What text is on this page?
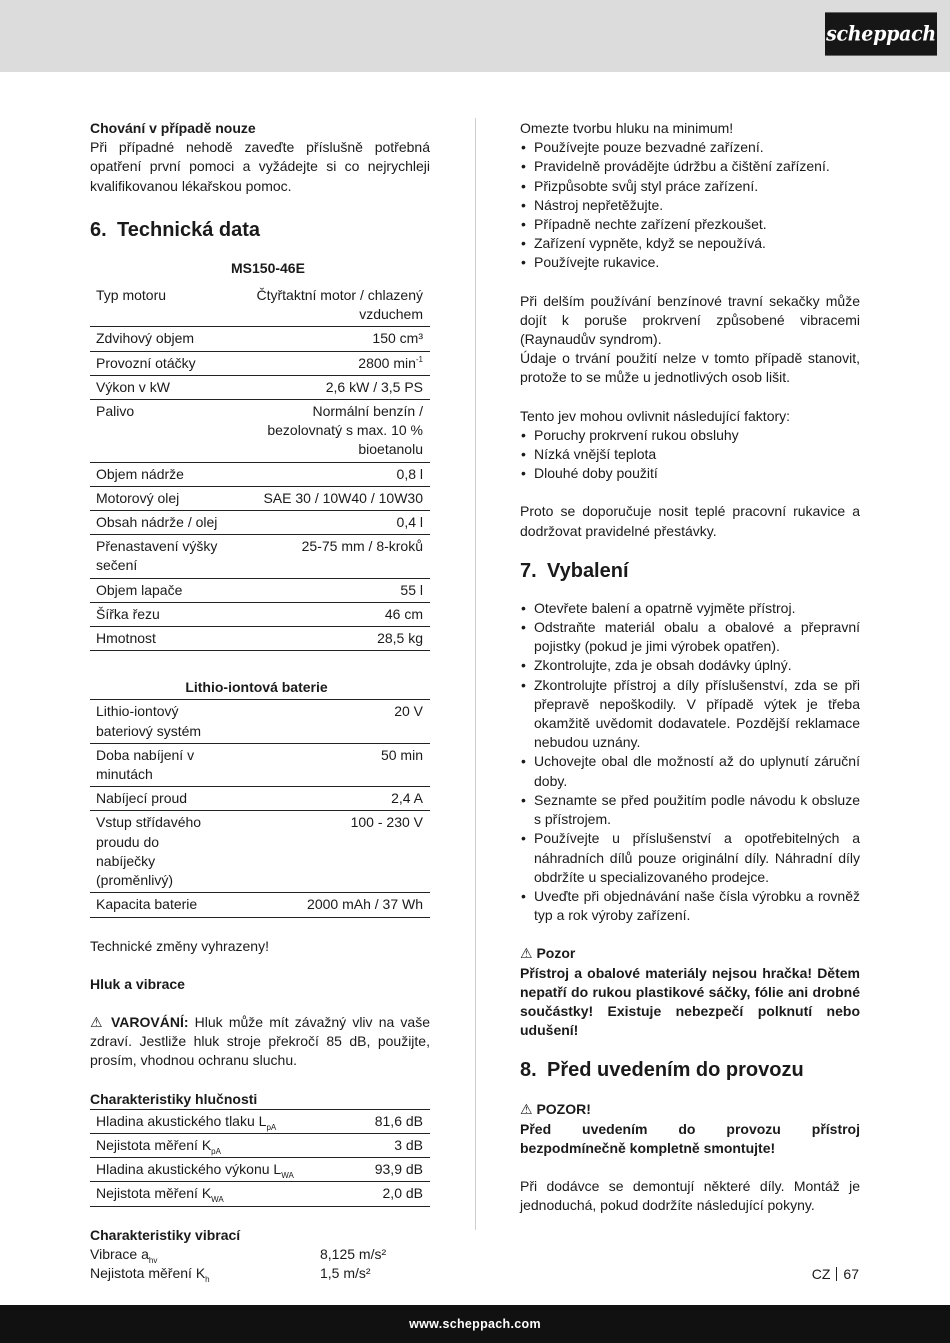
scheppach

Chování v případě nouze

Při případné nehodě zaveďte příslušně potřebná opatření první pomoci a vyžádejte si co nejrychleji kvalifikovanou lékařskou pomoc.

6. Technická data
	MS150-46E
Typ motoru	Čtyřtaktní motor / chlazený vzduchem
Zdvihový objem	150 cm³
Provozní otáčky	2800 $\min^{-1}$
Výkon v kW	2,6 kW / 3,5 PS
Palivo	Normální benzín / bezolovnatý s max. 10 % bioetanolu
Objem nádrže	0,8 l
Motorový olej	SAE 30 / 10W40 / 10W30
Obsah nádrže / olej	0,4 l
Přenastavení výšky sečení	25-75 mm / 8-kroků
Objem lapače	55 l
Šířka řezu	46 cm
Hmotnost	28,5 kg
Lithio-iontová baterie	
Lithio-iontový bateriový systém	20 V
Doba nabíjení v minutách	50 min
Nabíjecí proud	2,4 A
Vstup střídavého proudu do nabíječky (proměnlivý)	100 - 230 V
Kapacita baterie	2000 mAh / 37 Wh

Technické změny vyhrazeny!

Hluk a vibrace

⚠ VAROVÁNÍ: Hluk může mít závažný vliv na vaše zdraví. Jestliže hluk stroje překročí 85 dB, použijte, prosím, vhodnou ochranu sluchu.

Charakteristiky hlučnosti

Hladina akustického tlaku $L_{pA}$	81,6 dB
Nejistota měření $K_{pA}$	3 dB
Hladina akustického výkonu $L_{WA}$	93,9 dB
Nejistota měření $K_{WA}$	2,0 dB

Charakteristiky vibrací

Vibrace $a_{hv}$	8,125 m/s²
Nejistota měření $K_h$	1,5 m/s²

Omezte tvorbu hluku na minimum!

• Používejte pouze bezvadné zařízení.
• Pravidelně provádějte údržbu a čištění zařízení.
• Přizpůsobte svůj styl práce zařízení.
• Nástroj nepřetěžujte.
• Případně nechte zařízení přezkoušet.
• Zařízení vypněte, když se nepoužívá.
• Používejte rukavice.

Při delším používání benzínové travní sekačky může dojít k poruše prokrvení způsobené vibracemi (Raynaudův syndrom).

Údaje o trvání použití nelze v tomto případě stanovit, protože to se může u jednotlivých osob lišit.

Tento jev mohou ovlivnit následující faktory:

• Poruchy prokrvení rukou obsluhy
• Nízká vnější teplota
• Dlouhé doby použití

Proto se doporučuje nosit teplé pracovní rukavice a dodržovat pravidelné přestávky.

7. Vybalení
• Otevřete balení a opatrně vyjměte přístroj.
• Odstraňte materiál obalu a obalové a přepravní pojistky (pokud je jimi výrobek opatřen).
• Zkontrolujte, zda je obsah dodávky úplný.
• Zkontrolujte přístroj a díly příslušenství, zda se při přepravě nepoškodily. V případě výtek je třeba okamžitě uvědomit dodavatele. Pozdější reklamace nebudou uznány.
• Uchovejte obal dle možností až do uplynutí záruční doby.
• Seznamte se před použitím podle návodu k obsluze s přístrojem.
• Používejte u příslušenství a opotřebitelných a náhradních dílů pouze originální díly. Náhradní díly obdržíte u specializovaného prodejce.
• Uveďte při objednávání naše čísla výrobku a rovněž typ a rok výroby zařízení.

⚠ Pozor

Přístroj a obalové materiály nejsou hračka! Dětem nepatří do rukou plastikové sáčky, fólie ani drobné součástky! Existuje nebezpečí polknutí nebo udušení!

8. Před uvedením do provozu

⚠ POZOR!

Před uvedením do provozu přístroj bezpodmínečně kompletně smontujte!

Při dodávce se demontují některé díly. Montáž je jednoduchá, pokud dodržíte následující pokyny.

CZ 67
www.scheppach.com
